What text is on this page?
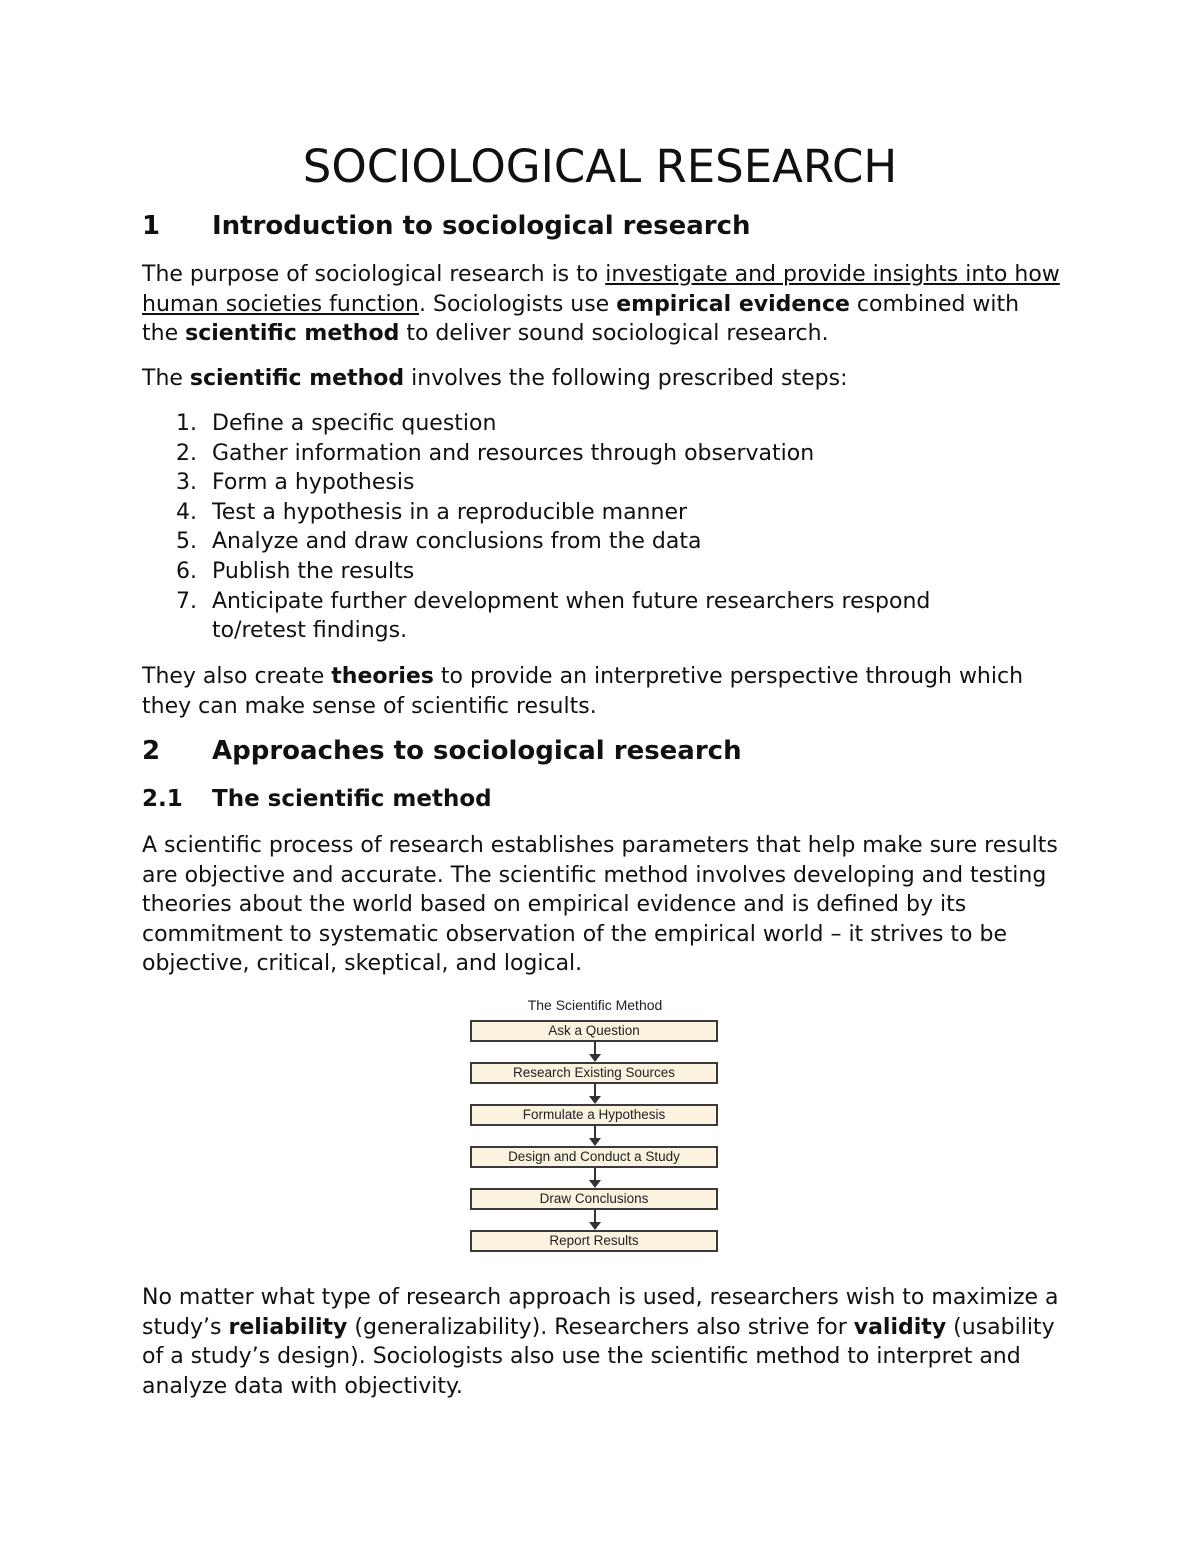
SOCIOLOGICAL RESEARCH
1 Introduction to sociological research

The purpose of sociological research is to investigate and provide insights into how human societies function. Sociologists use empirical evidence combined with the scientific method to deliver sound sociological research.

The scientific method involves the following prescribed steps:

1. Define a specific question
2. Gather information and resources through observation
3. Form a hypothesis
4. Test a hypothesis in a reproducible manner
5. Analyze and draw conclusions from the data
6. Publish the results
7. Anticipate further development when future researchers respond to/retest findings.

They also create theories to provide an interpretive perspective through which they can make sense of scientific results.

2 Approaches to sociological research
2.1 The scientific method

A scientific process of research establishes parameters that help make sure results are objective and accurate. The scientific method involves developing and testing theories about the world based on empirical evidence and is defined by its commitment to systematic observation of the empirical world – it strives to be objective, critical, skeptical, and logical.

No matter what type of research approach is used, researchers wish to maximize a study’s reliability (generalizability). Researchers also strive for validity (usability of a study’s design). Sociologists also use the scientific method to interpret and analyze data with objectivity.

The Scientific Method
Ask a Question
Research Existing Sources
Formulate a Hypothesis
Design and Conduct a Study
Draw Conclusions
Report Results
